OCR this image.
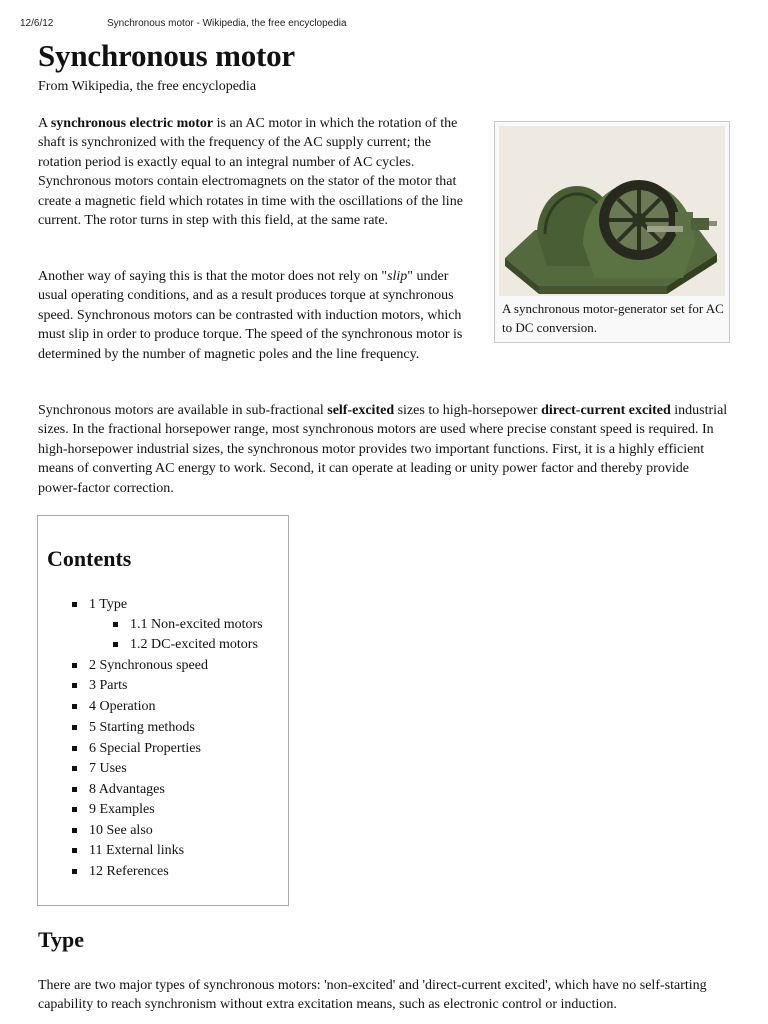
12/6/12	Synchronous motor - Wikipedia, the free encyclopedia
Synchronous motor
From Wikipedia, the free encyclopedia

A synchronous electric motor is an AC motor in which the rotation of the shaft is synchronized with the frequency of the AC supply current; the rotation period is exactly equal to an integral number of AC cycles. Synchronous motors contain electromagnets on the stator of the motor that create a magnetic field which rotates in time with the oscillations of the line current. The rotor turns in step with this field, at the same rate.

Another way of saying this is that the motor does not rely on "slip" under usual operating conditions, and as a result produces torque at synchronous speed. Synchronous motors can be contrasted with induction motors, which must slip in order to produce torque. The speed of the synchronous motor is determined by the number of magnetic poles and the line frequency.

A synchronous motor-generator set for AC to DC conversion.

Synchronous motors are available in sub-fractional self-excited sizes to high-horsepower direct-current excited industrial sizes. In the fractional horsepower range, most synchronous motors are used where precise constant speed is required. In high-horsepower industrial sizes, the synchronous motor provides two important functions. First, it is a highly efficient means of converting AC energy to work. Second, it can operate at leading or unity power factor and thereby provide power-factor correction.

Contents
1 Type
1.1 Non-excited motors
1.2 DC-excited motors
2 Synchronous speed
3 Parts
4 Operation
5 Starting methods
6 Special Properties
7 Uses
8 Advantages
9 Examples
10 See also
11 External links
12 References
Type

There are two major types of synchronous motors: 'non-excited' and 'direct-current excited', which have no self-starting capability to reach synchronism without extra excitation means, such as electronic control or induction.
